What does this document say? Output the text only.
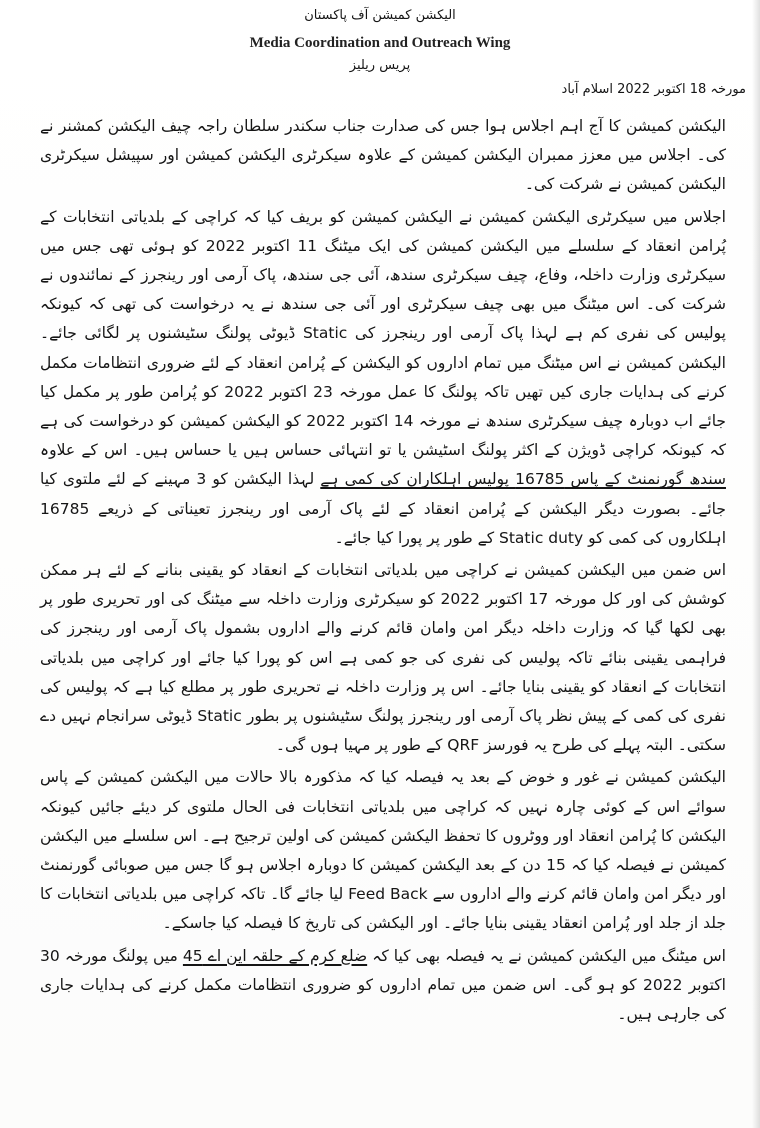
الیکشن کمیشن آف پاکستان
Media Coordination and Outreach Wing
پریس ریلیز
مورخہ 18 اکتوبر 2022 اسلام آباد

الیکشن کمیشن کا آج اہم اجلاس ہوا جس کی صدارت جناب سکندر سلطان راجہ چیف الیکشن کمشنر نے کی۔ اجلاس میں معزز ممبران الیکشن کمیشن کے علاوہ سیکرٹری الیکشن کمیشن اور سپیشل سیکرٹری الیکشن کمیشن نے شرکت کی۔

اجلاس میں سیکرٹری الیکشن کمیشن نے الیکشن کمیشن کو بریف کیا کہ کراچی کے بلدیاتی انتخابات کے پُرامن انعقاد کے سلسلے میں الیکشن کمیشن کی ایک میٹنگ 11 اکتوبر 2022 کو ہوئی تھی جس میں سیکرٹری وزارت داخلہ، وفاع، چیف سیکرٹری سندھ، آئی جی سندھ، پاک آرمی اور رینجرز کے نمائندوں نے شرکت کی۔ اس میٹنگ میں بھی چیف سیکرٹری اور آئی جی سندھ نے یہ درخواست کی تھی کہ کیونکہ پولیس کی نفری کم ہے لہذا پاک آرمی اور رینجرز کی Static ڈیوٹی پولنگ سٹیشنوں پر لگائی جائے۔ الیکشن کمیشن نے اس میٹنگ میں تمام اداروں کو الیکشن کے پُرامن انعقاد کے لئے ضروری انتظامات مکمل کرنے کی ہدایات جاری کیں تھیں تاکہ پولنگ کا عمل مورخہ 23 اکتوبر 2022 کو پُرامن طور پر مکمل کیا جائے اب دوبارہ چیف سیکرٹری سندھ نے مورخہ 14 اکتوبر 2022 کو الیکشن کمیشن کو درخواست کی ہے کہ کیونکہ کراچی ڈویژن کے اکثر پولنگ اسٹیشن یا تو انتہائی حساس ہیں یا حساس ہیں۔ اس کے علاوہ سندھ گورنمنٹ کے پاس 16785 پولیس اہلکاران کی کمی ہے لہذا الیکشن کو 3 مہینے کے لئے ملتوی کیا جائے۔ بصورت دیگر الیکشن کے پُرامن انعقاد کے لئے پاک آرمی اور رینجرز تعیناتی کے ذریعے 16785 اہلکاروں کی کمی کو Static duty کے طور پر پورا کیا جائے۔

اس ضمن میں الیکشن کمیشن نے کراچی میں بلدیاتی انتخابات کے انعقاد کو یقینی بنانے کے لئے ہر ممکن کوشش کی اور کل مورخہ 17 اکتوبر 2022 کو سیکرٹری وزارت داخلہ سے میٹنگ کی اور تحریری طور پر بھی لکھا گیا کہ وزارت داخلہ دیگر امن وامان قائم کرنے والے اداروں بشمول پاک آرمی اور رینجرز کی فراہمی یقینی بنائے تاکہ پولیس کی نفری کی جو کمی ہے اس کو پورا کیا جائے اور کراچی میں بلدیاتی انتخابات کے انعقاد کو یقینی بنایا جائے۔ اس پر وزارت داخلہ نے تحریری طور پر مطلع کیا ہے کہ پولیس کی نفری کی کمی کے پیش نظر پاک آرمی اور رینجرز پولنگ سٹیشنوں پر بطور Static ڈیوٹی سرانجام نہیں دے سکتی۔ البتہ پہلے کی طرح یہ فورسز QRF کے طور پر مہیا ہوں گی۔

الیکشن کمیشن نے غور و خوض کے بعد یہ فیصلہ کیا کہ مذکورہ بالا حالات میں الیکشن کمیشن کے پاس سوائے اس کے کوئی چارہ نہیں کہ کراچی میں بلدیاتی انتخابات فی الحال ملتوی کر دیئے جائیں کیونکہ الیکشن کا پُرامن انعقاد اور ووٹروں کا تحفظ الیکشن کمیشن کی اولین ترجیح ہے۔ اس سلسلے میں الیکشن کمیشن نے فیصلہ کیا کہ 15 دن کے بعد الیکشن کمیشن کا دوبارہ اجلاس ہو گا جس میں صوبائی گورنمنٹ اور دیگر امن وامان قائم کرنے والے اداروں سے Feed Back لیا جائے گا۔ تاکہ کراچی میں بلدیاتی انتخابات کا جلد از جلد اور پُرامن انعقاد یقینی بنایا جائے۔ اور الیکشن کی تاریخ کا فیصلہ کیا جاسکے۔

اس میٹنگ میں الیکشن کمیشن نے یہ فیصلہ بھی کیا کہ ضلع کرم کے حلقہ این اے 45 میں پولنگ مورخہ 30 اکتوبر 2022 کو ہو گی۔ اس ضمن میں تمام اداروں کو ضروری انتظامات مکمل کرنے کی ہدایات جاری کی جارہی ہیں۔
